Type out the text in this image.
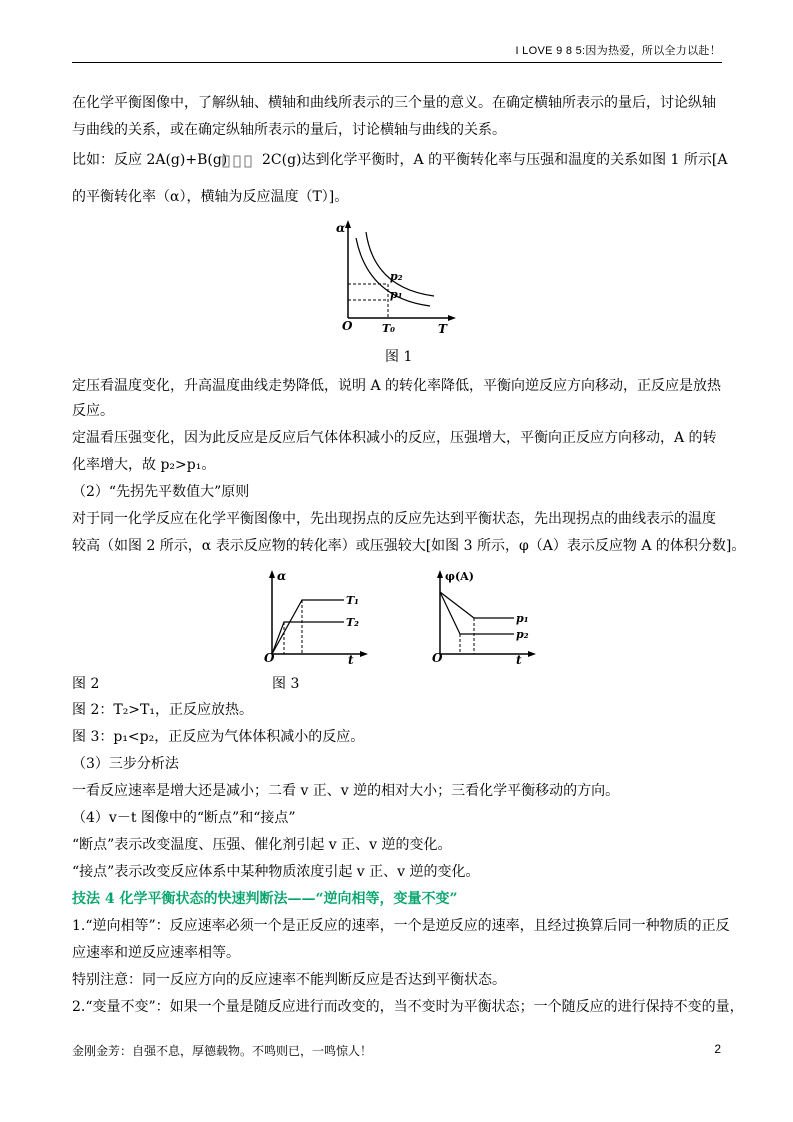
I LOVE 9 8 5:因为热爱，所以全力以赴！
在化学平衡图像中，了解纵轴、横轴和曲线所表示的三个量的意义。在确定横轴所表示的量后，讨论纵轴
与曲线的关系，或在确定纵轴所表示的量后，讨论横轴与曲线的关系。
比如：反应 2A(g)+B(g) 2C(g)达到化学平衡时，A 的平衡转化率与压强和温度的关系如图 1 所示[A
的平衡转化率（α），横轴为反应温度（T）]。
α
T
O	T₀
p₂
p₁
图 1
定压看温度变化，升高温度曲线走势降低，说明 A 的转化率降低，平衡向逆反应方向移动，正反应是放热
反应。
定温看压强变化，因为此反应是反应后气体体积减小的反应，压强增大，平衡向正反应方向移动，A 的转
化率增大，故 p₂>p₁。
（2）“先拐先平数值大”原则
对于同一化学反应在化学平衡图像中，先出现拐点的反应先达到平衡状态，先出现拐点的曲线表示的温度
较高（如图 2 所示，α 表示反应物的转化率）或压强较大[如图 3 所示，φ（A）表示反应物 A 的体积分数]。
α
t
O
T₁
T₂
φ(A)
t
O
p₁
p₂
图 2	图 3
图 2：T₂>T₁，正反应放热。
图 3：p₁<p₂，正反应为气体体积减小的反应。
（3）三步分析法
一看反应速率是增大还是减小；二看 v 正、v 逆的相对大小；三看化学平衡移动的方向。
（4）v－t 图像中的“断点”和“接点”
“断点”表示改变温度、压强、催化剂引起 v 正、v 逆的变化。
“接点”表示改变反应体系中某种物质浓度引起 v 正、v 逆的变化。
技法 4 化学平衡状态的快速判断法——“逆向相等，变量不变”
1.“逆向相等”：反应速率必须一个是正反应的速率，一个是逆反应的速率，且经过换算后同一种物质的正反
应速率和逆反应速率相等。
特别注意：同一反应方向的反应速率不能判断反应是否达到平衡状态。
2.“变量不变”：如果一个量是随反应进行而改变的，当不变时为平衡状态；一个随反应的进行保持不变的量，
金刚金芳：自强不息，厚德载物。不鸣则已，一鸣惊人！	2
